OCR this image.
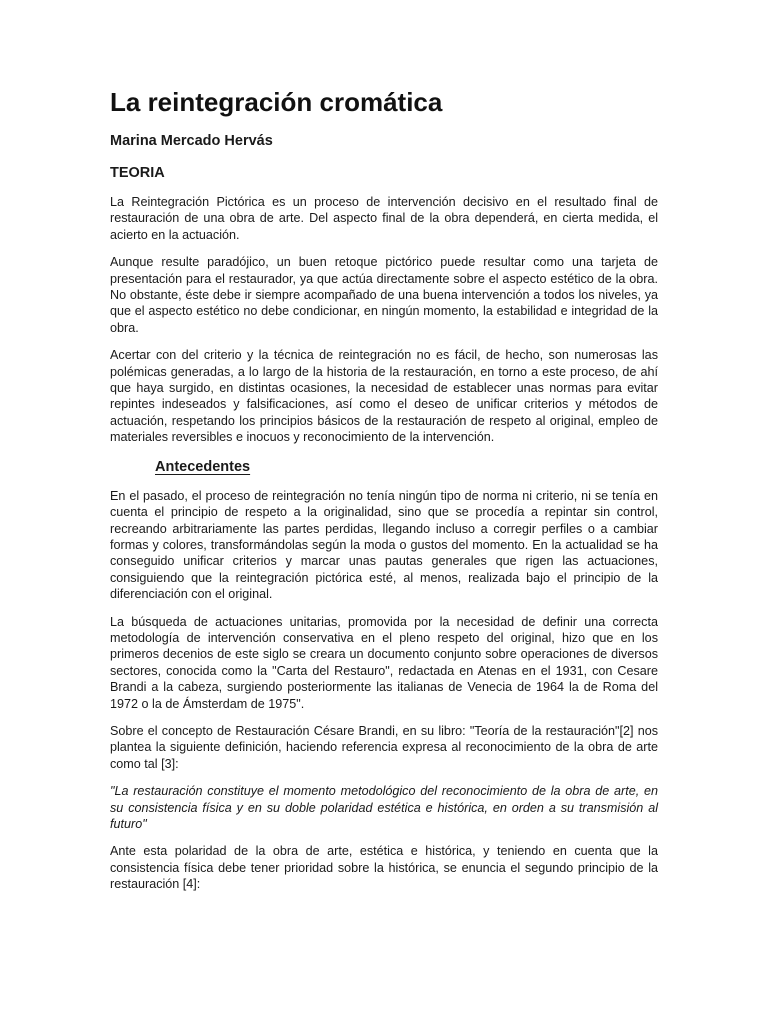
La reintegración cromática
Marina Mercado Hervás
TEORIA

La Reintegración Pictórica es un proceso de intervención decisivo en el resultado final de restauración de una obra de arte. Del aspecto final de la obra dependerá, en cierta medida, el acierto en la actuación.

Aunque resulte paradójico, un buen retoque pictórico puede resultar como una tarjeta de presentación para el restaurador, ya que actúa directamente sobre el aspecto estético de la obra. No obstante, éste debe ir siempre acompañado de una buena intervención a todos los niveles, ya que el aspecto estético no debe condicionar, en ningún momento, la estabilidad e integridad de la obra.

Acertar con del criterio y la técnica de reintegración no es fácil, de hecho, son numerosas las polémicas generadas, a lo largo de la historia de la restauración, en torno a este proceso, de ahí que haya surgido, en distintas ocasiones, la necesidad de establecer unas normas para evitar repintes indeseados y falsificaciones, así como el deseo de unificar criterios y métodos de actuación, respetando los principios básicos de la restauración de respeto al original, empleo de materiales reversibles e inocuos y reconocimiento de la intervención.

Antecedentes

En el pasado, el proceso de reintegración no tenía ningún tipo de norma ni criterio, ni se tenía en cuenta el principio de respeto a la originalidad, sino que se procedía a repintar sin control, recreando arbitrariamente las partes perdidas, llegando incluso a corregir perfiles o a cambiar formas y colores, transformándolas según la moda o gustos del momento. En la actualidad se ha conseguido unificar criterios y marcar unas pautas generales que rigen las actuaciones, consiguiendo que la reintegración pictórica esté, al menos, realizada bajo el principio de la diferenciación con el original.

La búsqueda de actuaciones unitarias, promovida por la necesidad de definir una correcta metodología de intervención conservativa en el pleno respeto del original, hizo que en los primeros decenios de este siglo se creara un documento conjunto sobre operaciones de diversos sectores, conocida como la "Carta del Restauro", redactada en Atenas en el 1931, con Cesare Brandi a la cabeza, surgiendo posteriormente las italianas de Venecia de 1964 la de Roma del 1972 o la de Ámsterdam de 1975".

Sobre el concepto de Restauración Césare Brandi, en su libro: "Teoría de la restauración"[2] nos plantea la siguiente definición, haciendo referencia expresa al reconocimiento de la obra de arte como tal [3]:

"La restauración constituye el momento metodológico del reconocimiento de la obra de arte, en su consistencia física y en su doble polaridad estética e histórica, en orden a su transmisión al futuro"

Ante esta polaridad de la obra de arte, estética e histórica, y teniendo en cuenta que la consistencia física debe tener prioridad sobre la histórica, se enuncia el segundo principio de la restauración [4]:
